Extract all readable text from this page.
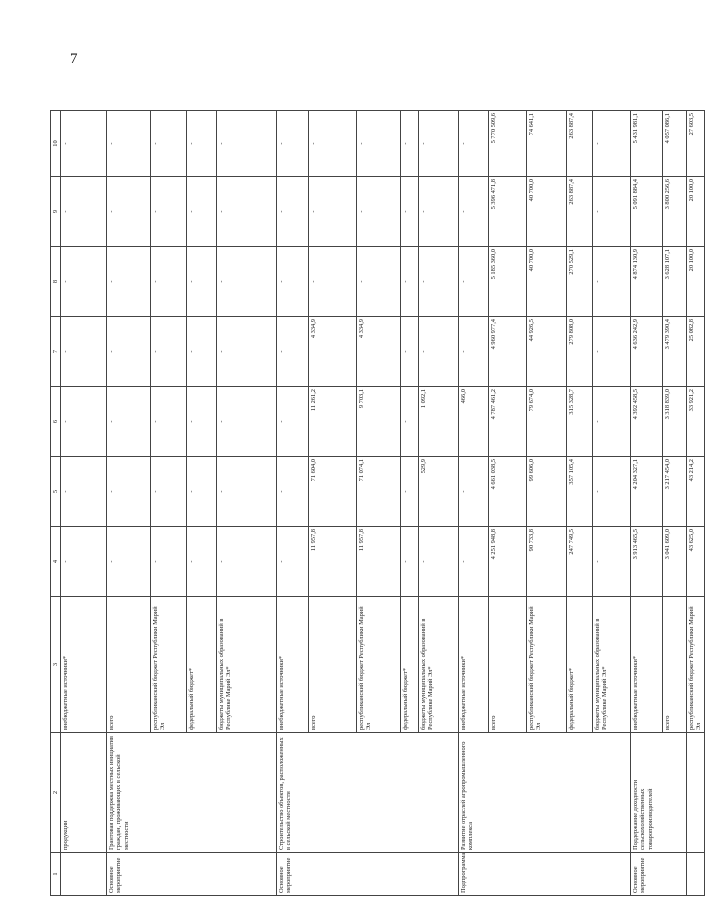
7
1	2	3	4	5	6	7	8	9	10
	продукции	внебюджетные источники*	-	-	-	-	-	-	-
Основное мероприятие	Грантовая поддержка местных инициатив граждан, проживающих в сельской местности	всего	-	-	-	-	-	-	-
		республиканский бюджет Республики Марий Эл	-	-	-	-	-	-	-
		федеральный бюджет*	-	-	-	-	-	-	-
		бюджеты муниципальных образований в Республике Марий Эл*	-	-	-	-	-	-	-
Основное мероприятие	Строительство объектов, расположенных в сельской местности	внебюджетные источники*	-	-	-	-	-	-	-
		всего	11 957,8	71 604,0	11 261,2	4 334,9	-	-	-
		республиканский бюджет Республики Марий Эл	11 957,8	71 074,1	9 703,1	4 334,9	-	-	-
		федеральный бюджет*	-	-	-	-	-	-	-
		бюджеты муниципальных образований в Республике Марий Эл*	-	529,9	1 092,1	-	-	-	-
Подпрограмма	Развитие отраслей агропромышленного комплекса	внебюджетные источники*	-	-	466,0	-	-	-	-
		всего	4 251 948,8	4 661 038,5	4 787 461,2	4 960 977,4	5 185 360,0	5 396 471,8	5 770 509,6
		республиканский бюджет Республики Марий Эл	90 733,8	99 606,0	79 674,0	44 926,5	40 700,0	40 700,0	74 641,1
		федеральный бюджет*	247 749,5	357 105,4	315 328,7	279 808,0	270 529,1	263 887,4	263 887,4
		бюджеты муниципальных образований в Республике Марий Эл*	-	-	-	-	-	-	-
Основное мероприятие	Поддержание доходности сельскохозяйственных товаропроизводителей	внебюджетные источники*	3 913 465,5	4 204 327,1	4 392 458,5	4 636 242,9	4 874 130,9	5 091 884,4	5 431 981,1
		всего	3 041 609,0	3 217 454,0	3 318 839,0	3 479 390,4	3 628 107,1	3 800 256,6	4 057 086,1
		республиканский бюджет Республики Марий Эл	43 625,0	43 214,2	33 921,2	25 082,8	20 100,0	20 100,0	27 603,5
